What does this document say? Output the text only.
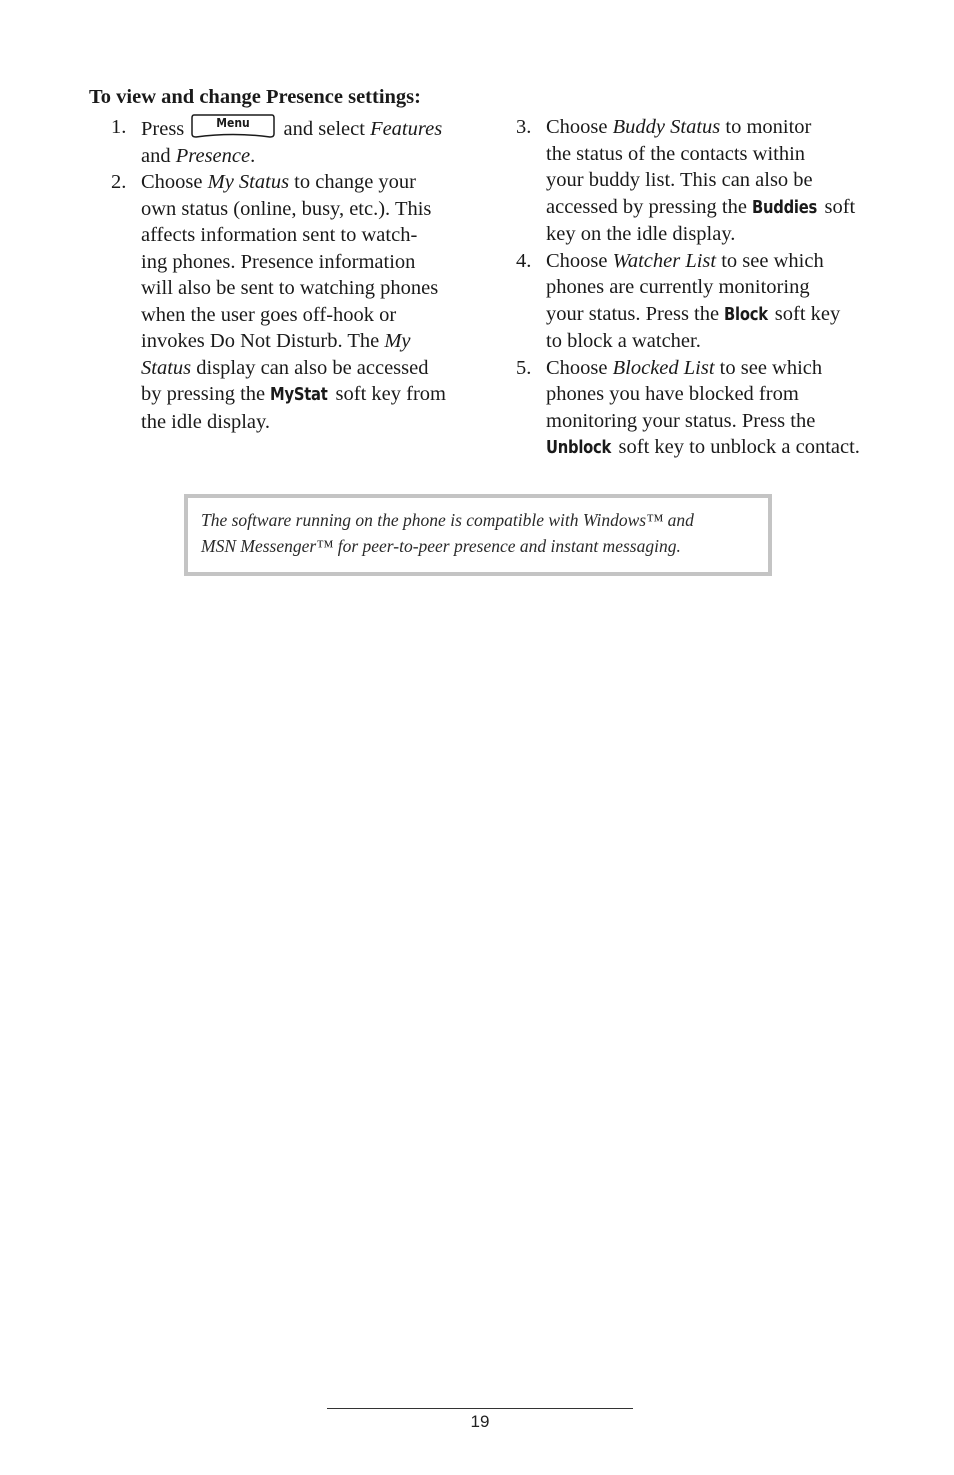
To view and change Presence settings:
1. Press	Menu	and select Features
and Presence.
2. Choose My Status to change your
own status (online, busy, etc.). This
affects information sent to watch-
ing phones. Presence information
will also be sent to watching phones
when the user goes off-hook or
invokes Do Not Disturb. The My
Status display can also be accessed
by pressing the MyStat soft key from
the idle display.
3. Choose Buddy Status to monitor
the status of the contacts within
your buddy list. This can also be
accessed by pressing the Buddies soft
key on the idle display.
4. Choose Watcher List to see which
phones are currently monitoring
your status. Press the Block soft key
to block a watcher.
5. Choose Blocked List to see which
phones you have blocked from
monitoring your status. Press the
Unblock soft key to unblock a contact.
The software running on the phone is compatible with Windows™ and
MSN Messenger™ for peer-to-peer presence and instant messaging.
19
